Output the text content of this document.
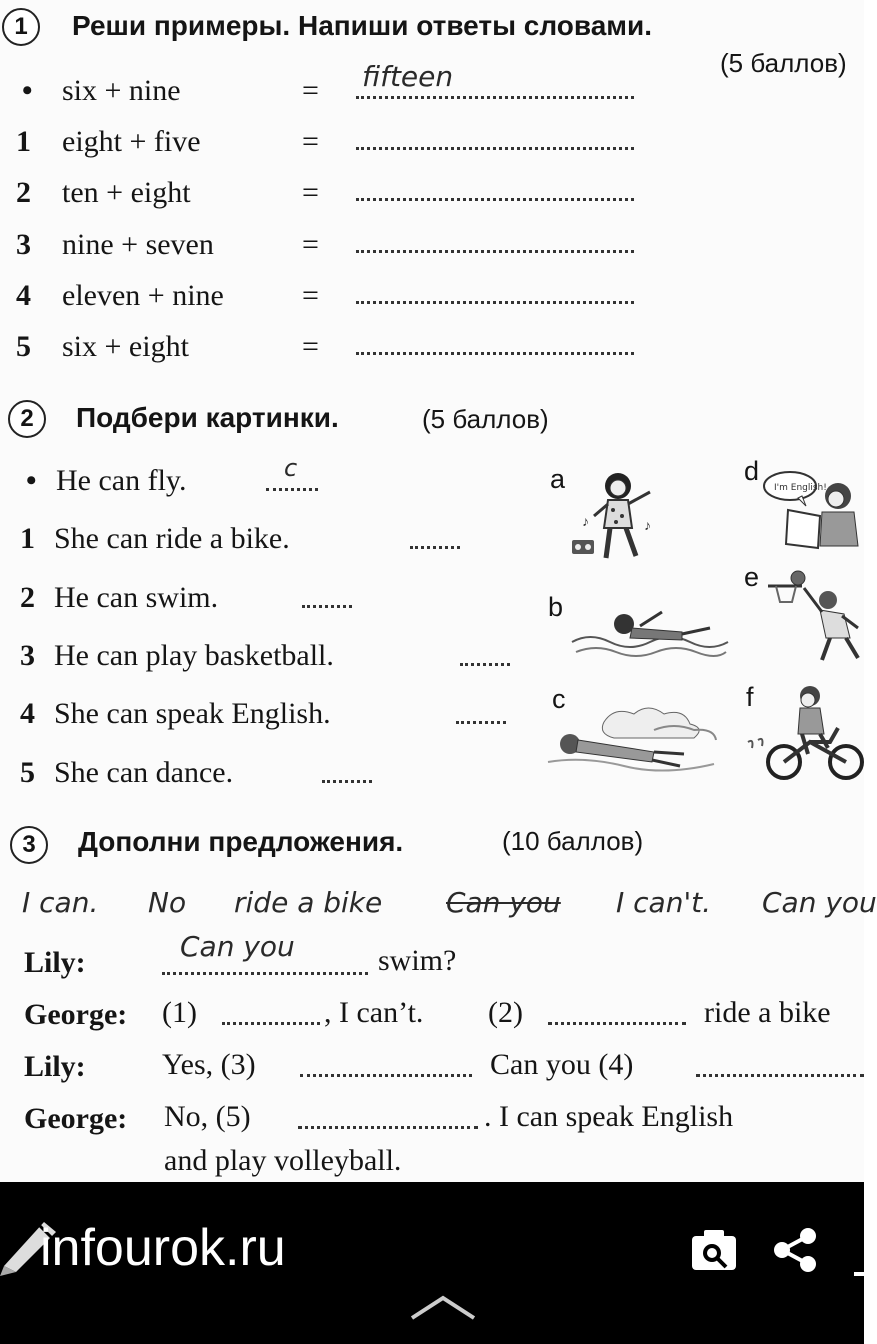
1 Реши примеры. Напиши ответы словами.
(5 баллов)
• six + nine	= fifteen
1 eight + five	=
2 ten + eight	=
3 nine + seven	=
4 eleven + nine	=
5 six + eight	=
2 Подбери картинки.	(5 баллов)
• He can fly.	c
1 She can ride a bike.
2 He can swim.
3 He can play basketball.
4 She can speak English.
5 She can dance.
a
b
c
d
e
f
♪	♪
I'm English!
3 Дополни предложения.	(10 баллов)
I can. No ride a bike Can you I can't. Can you
Lily:	Can you	swim?
George: (1)	, I can’t. (2)	ride a bike
Lily:	Yes, (3)	Can you (4)
George: No, (5)	. I can speak English
and play volleyball.
infourok.ru
